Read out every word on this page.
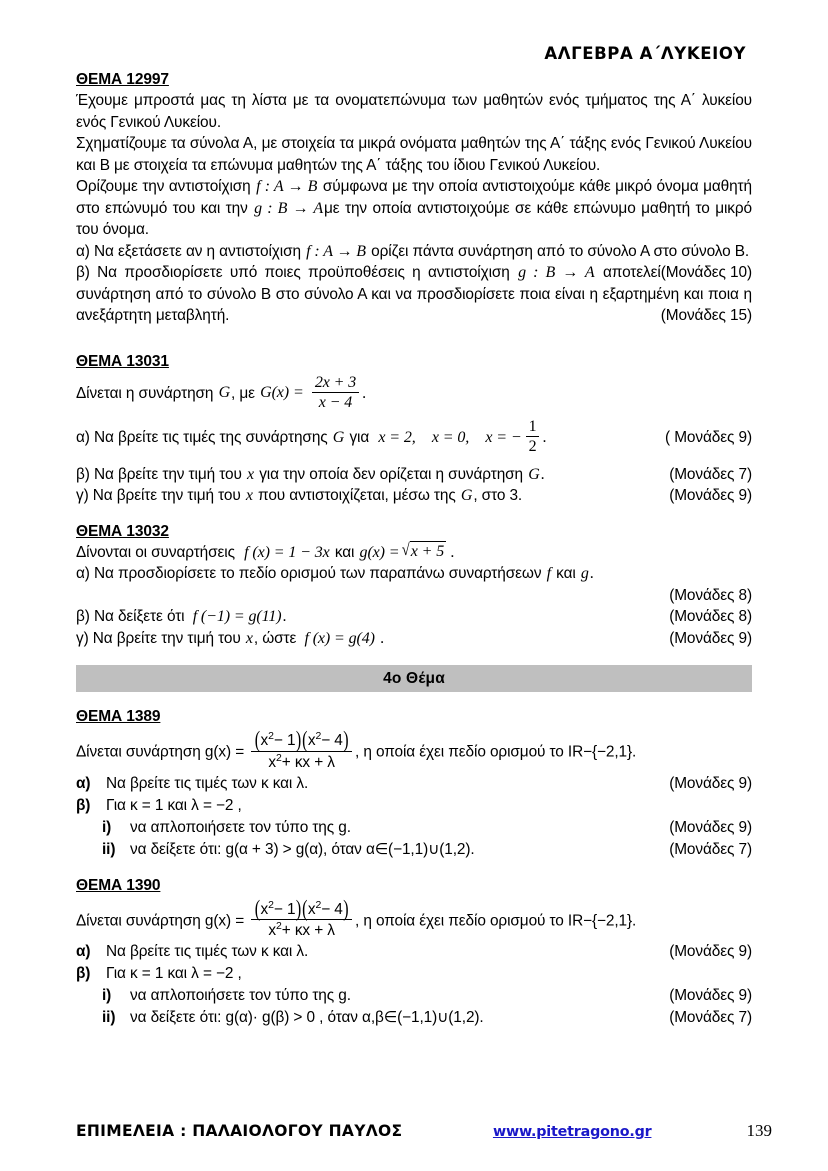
ΑΛΓΕΒΡΑ Α΄ΛΥΚΕΙΟΥ
ΘΕΜΑ 12997

Έχουμε μπροστά μας τη λίστα με τα ονοματεπώνυμα των μαθητών ενός τμήματος της Α΄ λυκείου ενός Γενικού Λυκείου.

Σχηματίζουμε τα σύνολα Α, με στοιχεία τα μικρά ονόματα μαθητών της Α΄ τάξης ενός Γενικού Λυκείου και Β με στοιχεία τα επώνυμα μαθητών της Α΄ τάξης του ίδιου Γενικού Λυκείου.

Ορίζουμε την αντιστοίχιση f : A → B σύμφωνα με την οποία αντιστοιχούμε κάθε μικρό όνομα μαθητή στο επώνυμό του και την g : B → Aμε την οποία αντιστοιχούμε σε κάθε επώνυμο μαθητή το μικρό του όνομα.

α) Να εξετάσετε αν η αντιστοίχιση f : A → B ορίζει πάντα συνάρτηση από το σύνολο Α στο σύνολο Β.
(Μονάδες 10)

β) Να προσδιορίσετε υπό ποιες προϋποθέσεις η αντιστοίχιση g : B → A αποτελεί συνάρτηση από το σύνολο Β στο σύνολο Α και να προσδιορίσετε ποια είναι η εξαρτημένη και ποια η ανεξάρτητη μεταβλητή.	(Μονάδες 15)

ΘΕΜΑ 13031
Δίνεται η συνάρτηση G, με $G(x) = \frac{2x + 3}{x - 4}$ .
α) Να βρείτε τις τιμές της συνάρτησης G για x = 2, x = 0, x = − $\frac{1}{2}$ .	( Μονάδες 9)
β) Να βρείτε την τιμή του x για την οποία δεν ορίζεται η συνάρτηση G.	(Μονάδες 7)
γ) Να βρείτε την τιμή του x που αντιστοιχίζεται, μέσω της G, στο 3.	(Μονάδες 9)
ΘΕΜΑ 13032
Δίνονται οι συναρτήσεις f (x) = 1 − 3x και g(x) = √ x + 5 .
α) Να προσδιορίσετε το πεδίο ορισμού των παραπάνω συναρτήσεων f και g.
(Μονάδες 8)
β) Να δείξετε ότι f (−1) = g(11).	(Μονάδες 8)
γ) Να βρείτε την τιμή του x, ώστε f (x) = g(4) .	(Μονάδες 9)
4ο Θέμα
ΘΕΜΑ 1389
Δίνεται συνάρτηση $g(x) = \frac{(x^2- 1)(x^2- 4)}{x^2+ \kappa x + \lambda}$ , η οποία έχει πεδίο ορισμού το IR−{−2,1}.
α)	Να βρείτε τις τιμές των κ και λ.	(Μονάδες 9)
β)	Για κ = 1 και λ = −2 ,
i)	να απλοποιήσετε τον τύπο της g.	(Μονάδες 9)
ii) να δείξετε ότι: g(α + 3) > g(α), όταν α∈(−1,1)∪(1,2).	(Μονάδες 7)
ΘΕΜΑ 1390
Δίνεται συνάρτηση $g(x) = \frac{(x^2- 1)(x^2- 4)}{x^2+ \kappa x + \lambda}$ , η οποία έχει πεδίο ορισμού το IR−{−2,1}.
α)	Να βρείτε τις τιμές των κ και λ.	(Μονάδες 9)
β)	Για κ = 1 και λ = −2 ,
i)	να απλοποιήσετε τον τύπο της g.	(Μονάδες 9)
ii) να δείξετε ότι: g(α)· g(β) > 0 , όταν α,β∈(−1,1)∪(1,2).	(Μονάδες 7)
ΕΠΙΜΕΛΕΙΑ : ΠΑΛΑΙΟΛΟΓΟΥ ΠΑΥΛΟΣ	www.pitetragono.gr	139
